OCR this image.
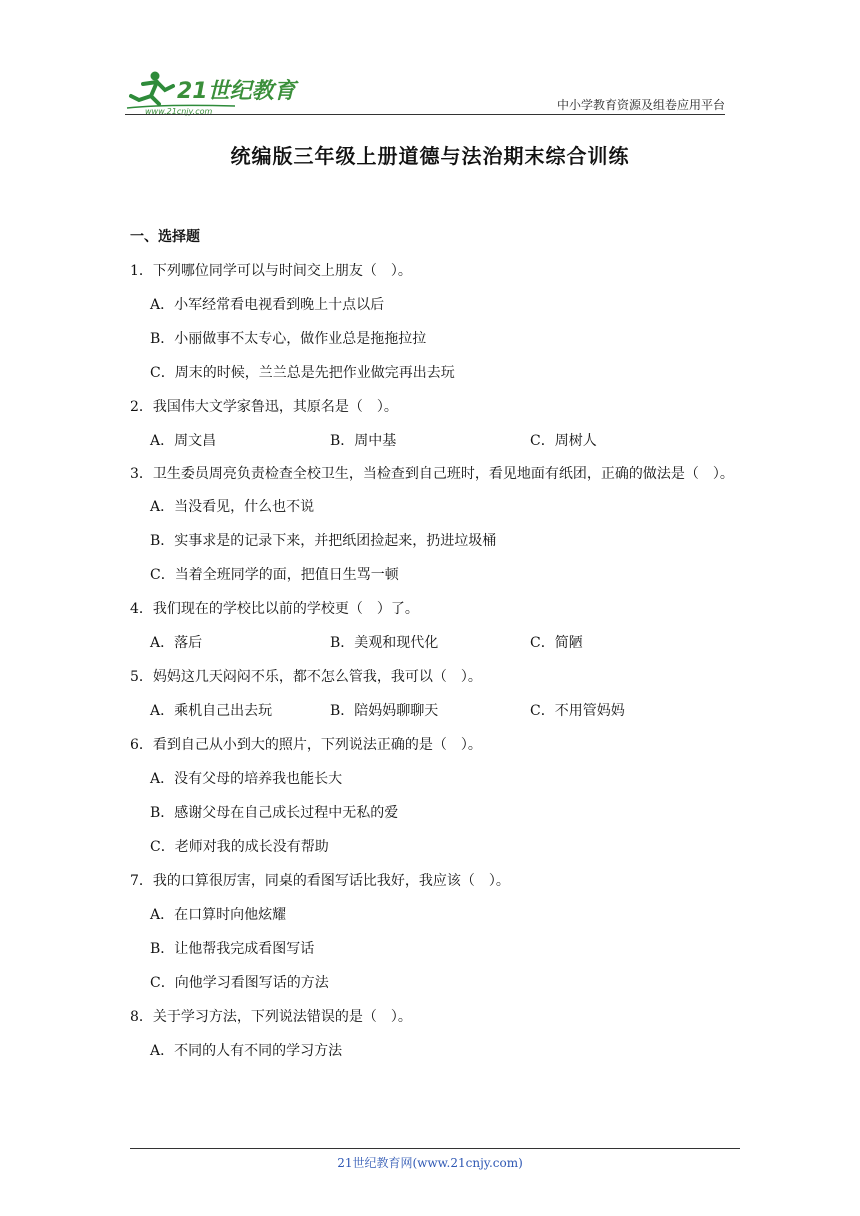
21世纪教育
www.21cnjy.com	中小学教育资源及组卷应用平台
统编版三年级上册道德与法治期末综合训练
一、选择题
1．下列哪位同学可以与时间交上朋友（　）。
A．小军经常看电视看到晚上十点以后
B．小丽做事不太专心，做作业总是拖拖拉拉
C．周末的时候，兰兰总是先把作业做完再出去玩
2．我国伟大文学家鲁迅，其原名是（　）。
A．周文昌	B．周中基	C．周树人
3．卫生委员周亮负责检查全校卫生，当检查到自己班时，看见地面有纸团，正确的做法是（　）。
A．当没看见，什么也不说
B．实事求是的记录下来，并把纸团捡起来，扔进垃圾桶
C．当着全班同学的面，把值日生骂一顿
4．我们现在的学校比以前的学校更（　）了。
A．落后	B．美观和现代化	C．简陋
5．妈妈这几天闷闷不乐，都不怎么管我，我可以（　）。
A．乘机自己出去玩	B．陪妈妈聊聊天	C．不用管妈妈
6．看到自己从小到大的照片，下列说法正确的是（　）。
A．没有父母的培养我也能长大
B．感谢父母在自己成长过程中无私的爱
C．老师对我的成长没有帮助
7．我的口算很厉害，同桌的看图写话比我好，我应该（　）。
A．在口算时向他炫耀
B．让他帮我完成看图写话
C．向他学习看图写话的方法
8．关于学习方法，下列说法错误的是（　）。
A．不同的人有不同的学习方法
21世纪教育网(www.21cnjy.com)
